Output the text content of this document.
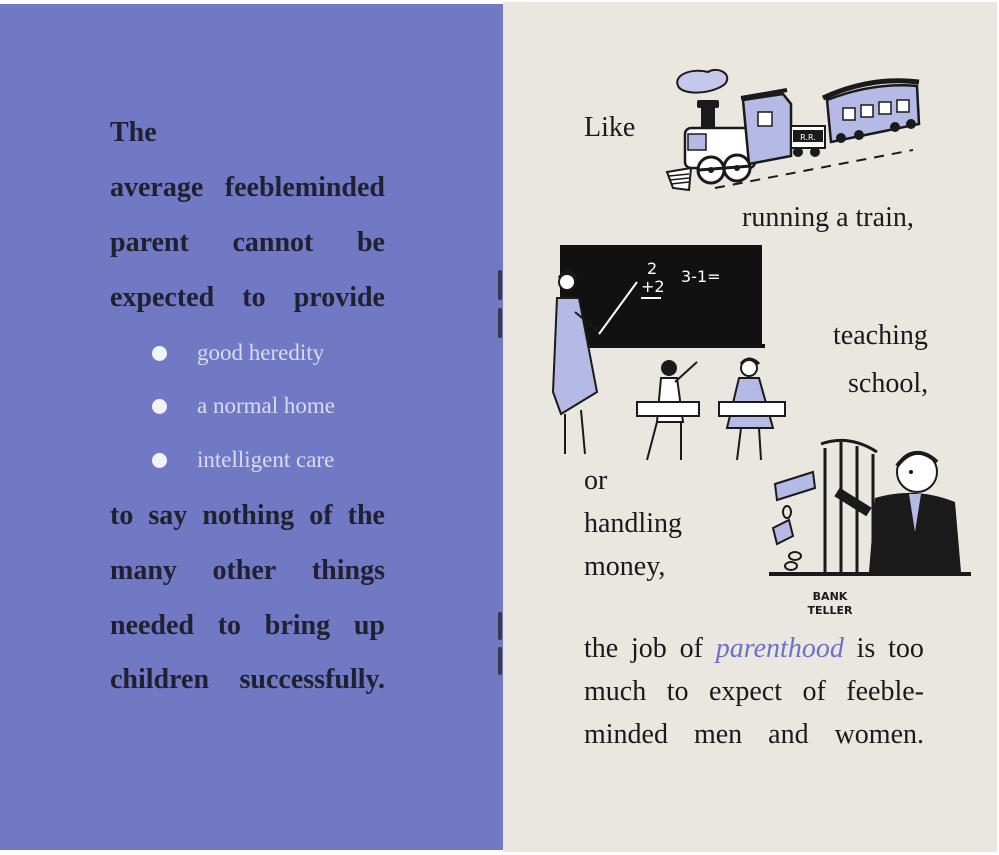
The
average feebleminded
parent cannot be
expected to provide
good heredity
a normal home
intelligent care
to say nothing of the
many other things
needed to bring up
children successfully.
Like	R.R.
running a train,
2
+2
3-1=
teaching
school,
or
handling
money,
BANK
TELLER
the job of parenthood is too
much to expect of feeble-
minded men and women.
